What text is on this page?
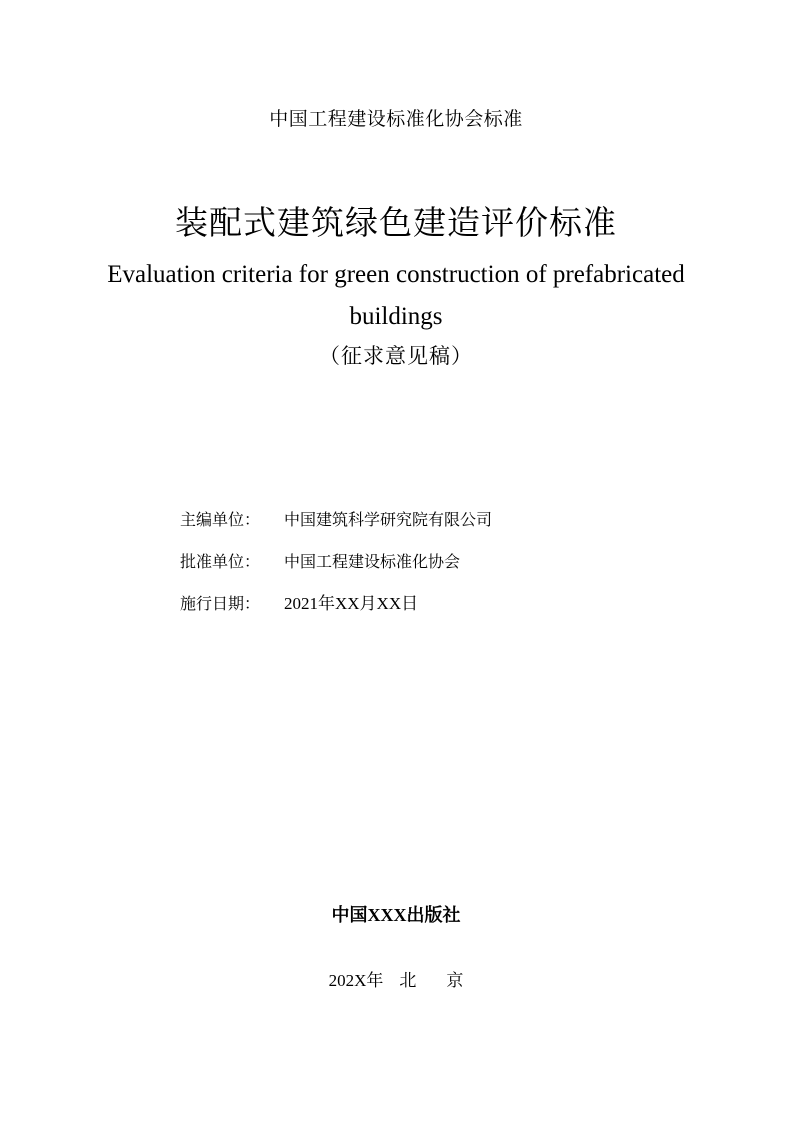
中国工程建设标准化协会标准
装配式建筑绿色建造评价标准
Evaluation criteria for green construction of prefabricated
buildings
（征求意见稿）
主编单位： 中国建筑科学研究院有限公司
批准单位： 中国工程建设标准化协会
施行日期： 2021年XX月XX日
中国XXX出版社
202X年 北 京
